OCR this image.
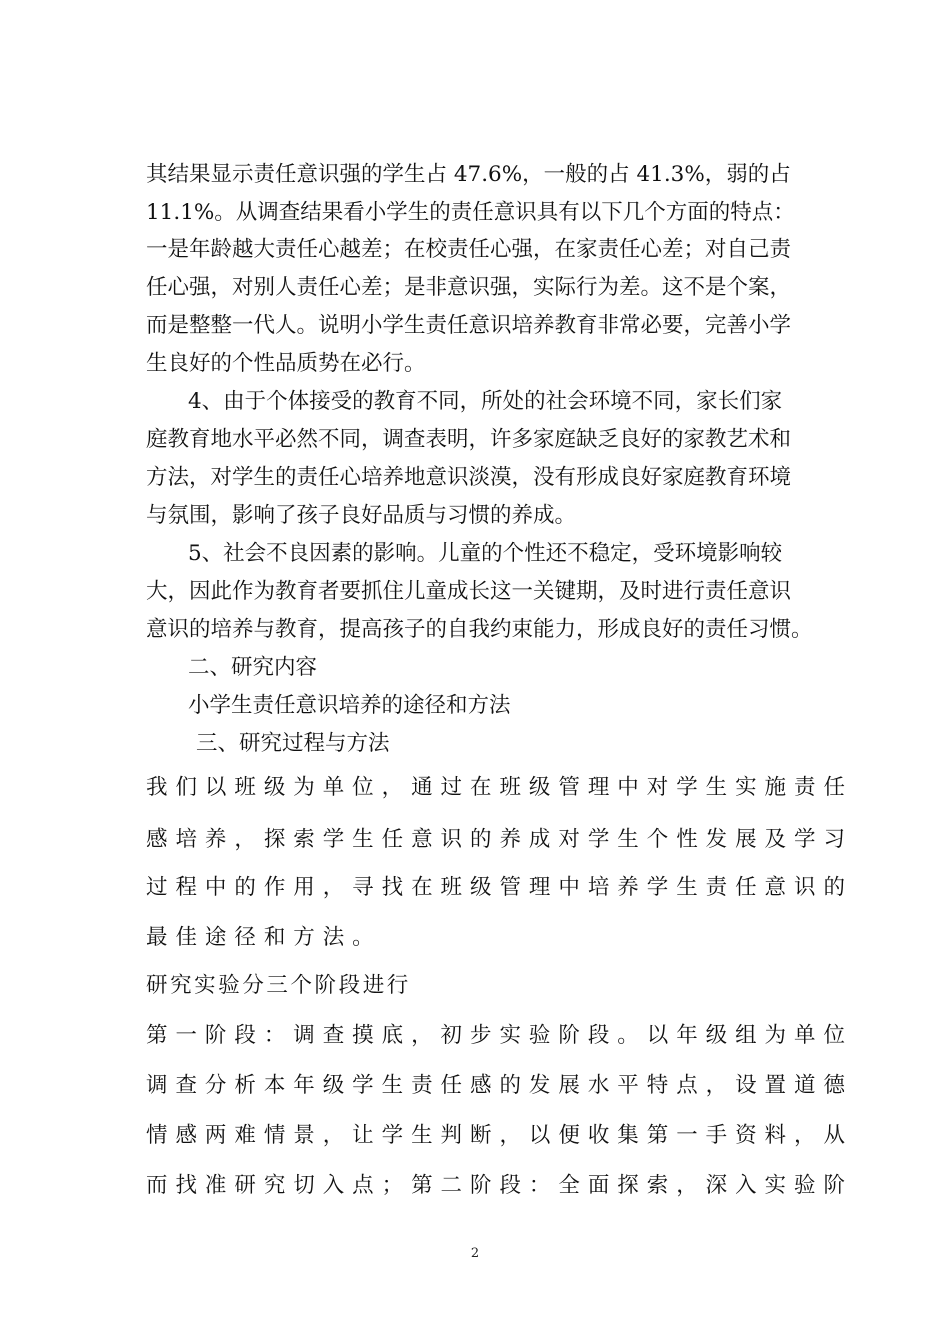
其结果显示责任意识强的学生占 47.6%，一般的占 41.3%，弱的占
11.1%。从调查结果看小学生的责任意识具有以下几个方面的特点：
一是年龄越大责任心越差；在校责任心强，在家责任心差；对自己责
任心强，对别人责任心差；是非意识强，实际行为差。这不是个案，
而是整整一代人。说明小学生责任意识培养教育非常必要，完善小学
生良好的个性品质势在必行。
4、由于个体接受的教育不同，所处的社会环境不同，家长们家
庭教育地水平必然不同，调查表明，许多家庭缺乏良好的家教艺术和
方法，对学生的责任心培养地意识淡漠，没有形成良好家庭教育环境
与氛围，影响了孩子良好品质与习惯的养成。
5、社会不良因素的影响。儿童的个性还不稳定，受环境影响较
大，因此作为教育者要抓住儿童成长这一关键期，及时进行责任意识
意识的培养与教育，提高孩子的自我约束能力，形成良好的责任习惯。
二、研究内容
小学生责任意识培养的途径和方法
三、研究过程与方法
我们以班级为单位，通过在班级管理中对学生实施责任
感培养，探索学生任意识的养成对学生个性发展及学习
过程中的作用，寻找在班级管理中培养学生责任意识的
最佳途径和方法。
研究实验分三个阶段进行
第一阶段：调查摸底，初步实验阶段。以年级组为单位
调查分析本年级学生责任感的发展水平特点，设置道德
情感两难情景，让学生判断，以便收集第一手资料，从
而找准研究切入点；第二阶段：全面探索，深入实验阶
2
